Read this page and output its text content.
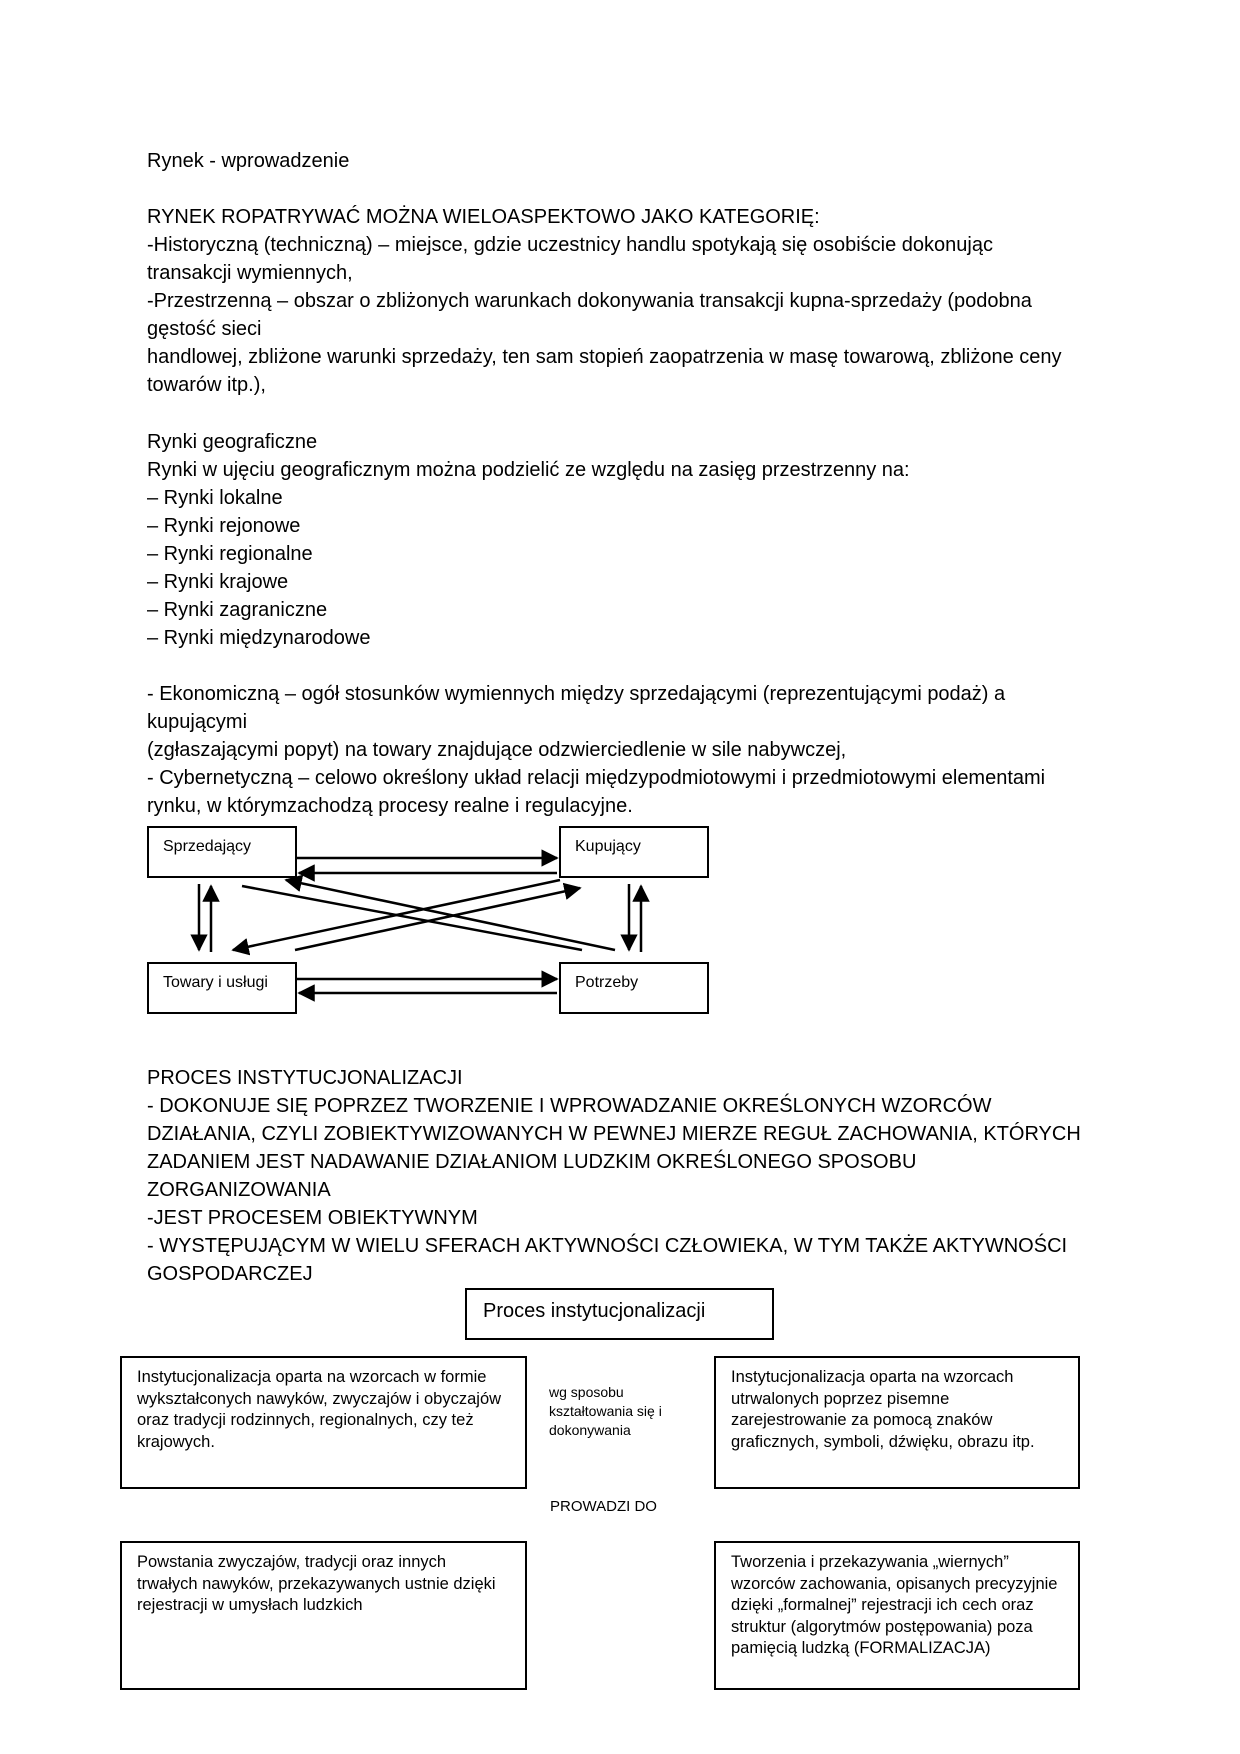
Rynek - wprowadzenie

RYNEK ROPATRYWAĆ MOŻNA WIELOASPEKTOWO JAKO KATEGORIĘ:

-Historyczną (techniczną) – miejsce, gdzie uczestnicy handlu spotykają się osobiście dokonując transakcji wymiennych,

-Przestrzenną – obszar o zbliżonych warunkach dokonywania transakcji kupna-sprzedaży (podobna gęstość sieci

handlowej, zbliżone warunki sprzedaży, ten sam stopień zaopatrzenia w masę towarową, zbliżone ceny towarów itp.),

Rynki geograficzne

Rynki w ujęciu geograficznym można podzielić ze względu na zasięg przestrzenny na:

– Rynki lokalne

– Rynki rejonowe

– Rynki regionalne

– Rynki krajowe

– Rynki zagraniczne

– Rynki międzynarodowe

- Ekonomiczną – ogół stosunków wymiennych między sprzedającymi (reprezentującymi podaż) a kupującymi

(zgłaszającymi popyt) na towary znajdujące odzwierciedlenie w sile nabywczej,

- Cybernetyczną – celowo określony układ relacji międzypodmiotowymi i przedmiotowymi elementami rynku, w którymzachodzą procesy realne i regulacyjne.

Sprzedający	Kupujący
Towary i usługi	Potrzeby

PROCES INSTYTUCJONALIZACJI

- DOKONUJE SIĘ POPRZEZ TWORZENIE I WPROWADZANIE OKREŚLONYCH WZORCÓW DZIAŁANIA, CZYLI ZOBIEKTYWIZOWANYCH W PEWNEJ MIERZE REGUŁ ZACHOWANIA, KTÓRYCH ZADANIEM JEST NADAWANIE DZIAŁANIOM LUDZKIM OKREŚLONEGO SPOSOBU ZORGANIZOWANIA

-JEST PROCESEM OBIEKTYWNYM

- WYSTĘPUJĄCYM W WIELU SFERACH AKTYWNOŚCI CZŁOWIEKA, W TYM TAKŻE AKTYWNOŚCI GOSPODARCZEJ

Proces instytucjonalizacji
Instytucjonalizacja oparta na wzorcach w formie wykształconych nawyków, zwyczajów i obyczajów oraz tradycji rodzinnych, regionalnych, czy też krajowych.
wg sposobu kształtowania się i dokonywania
Instytucjonalizacja oparta na wzorcach utrwalonych poprzez pisemne zarejestrowanie za pomocą znaków graficznych, symboli, dźwięku, obrazu itp.
PROWADZI DO
Powstania zwyczajów, tradycji oraz innych trwałych nawyków, przekazywanych ustnie dzięki rejestracji w umysłach ludzkich
Tworzenia i przekazywania „wiernych” wzorców zachowania, opisanych precyzyjnie dzięki „formalnej” rejestracji ich cech oraz struktur (algorytmów postępowania) poza pamięcią ludzką (FORMALIZACJA)
